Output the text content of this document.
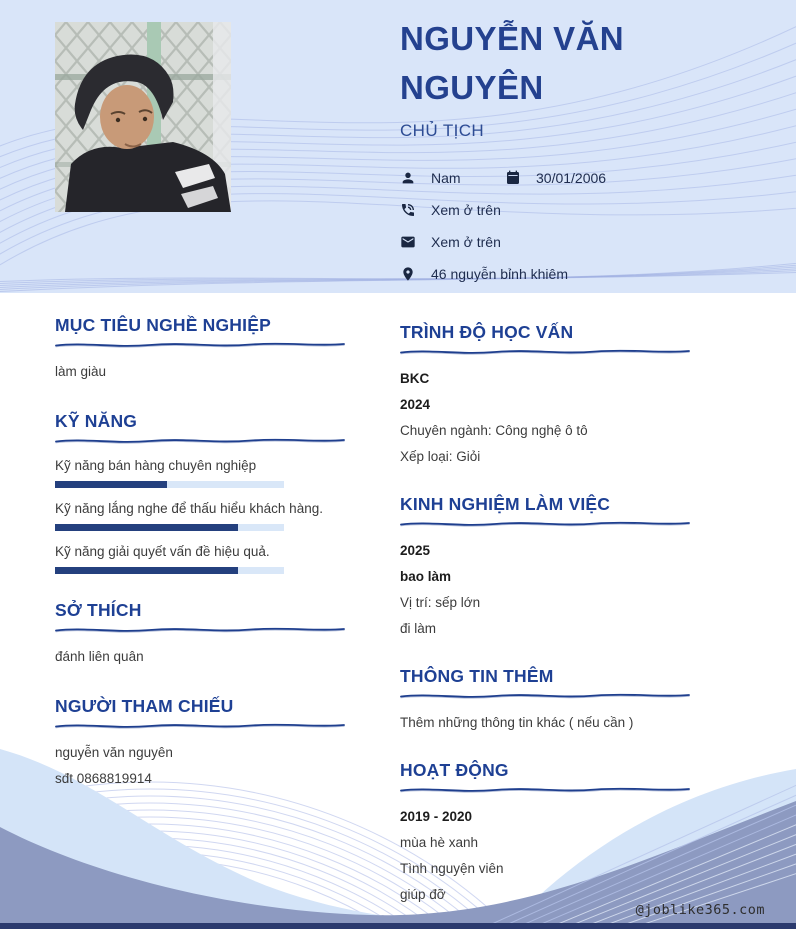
NGUYỄN VĂN NGUYÊN
CHỦ TỊCH
Nam	30/01/2006
Xem ở trên
Xem ở trên
46 nguyễn bỉnh khiêm
MỤC TIÊU NGHỀ NGHIỆP

làm giàu

KỸ NĂNG

Kỹ năng bán hàng chuyên nghiệp

Kỹ năng lắng nghe để thấu hiểu khách hàng.

Kỹ năng giải quyết vấn đề hiệu quả.

SỞ THÍCH

đánh liên quân

NGƯỜI THAM CHIẾU

nguyễn văn nguyên

sđt 0868819914

TRÌNH ĐỘ HỌC VẤN

BKC

2024

Chuyên ngành: Công nghệ ô tô

Xếp loại: Giỏi

KINH NGHIỆM LÀM VIỆC

2025

bao làm

Vị trí: sếp lớn

đi làm

THÔNG TIN THÊM

Thêm những thông tin khác ( nếu cần )

HOẠT ĐỘNG

2019 - 2020

mùa hè xanh

Tình nguyện viên

giúp đỡ

@joblike365.com
